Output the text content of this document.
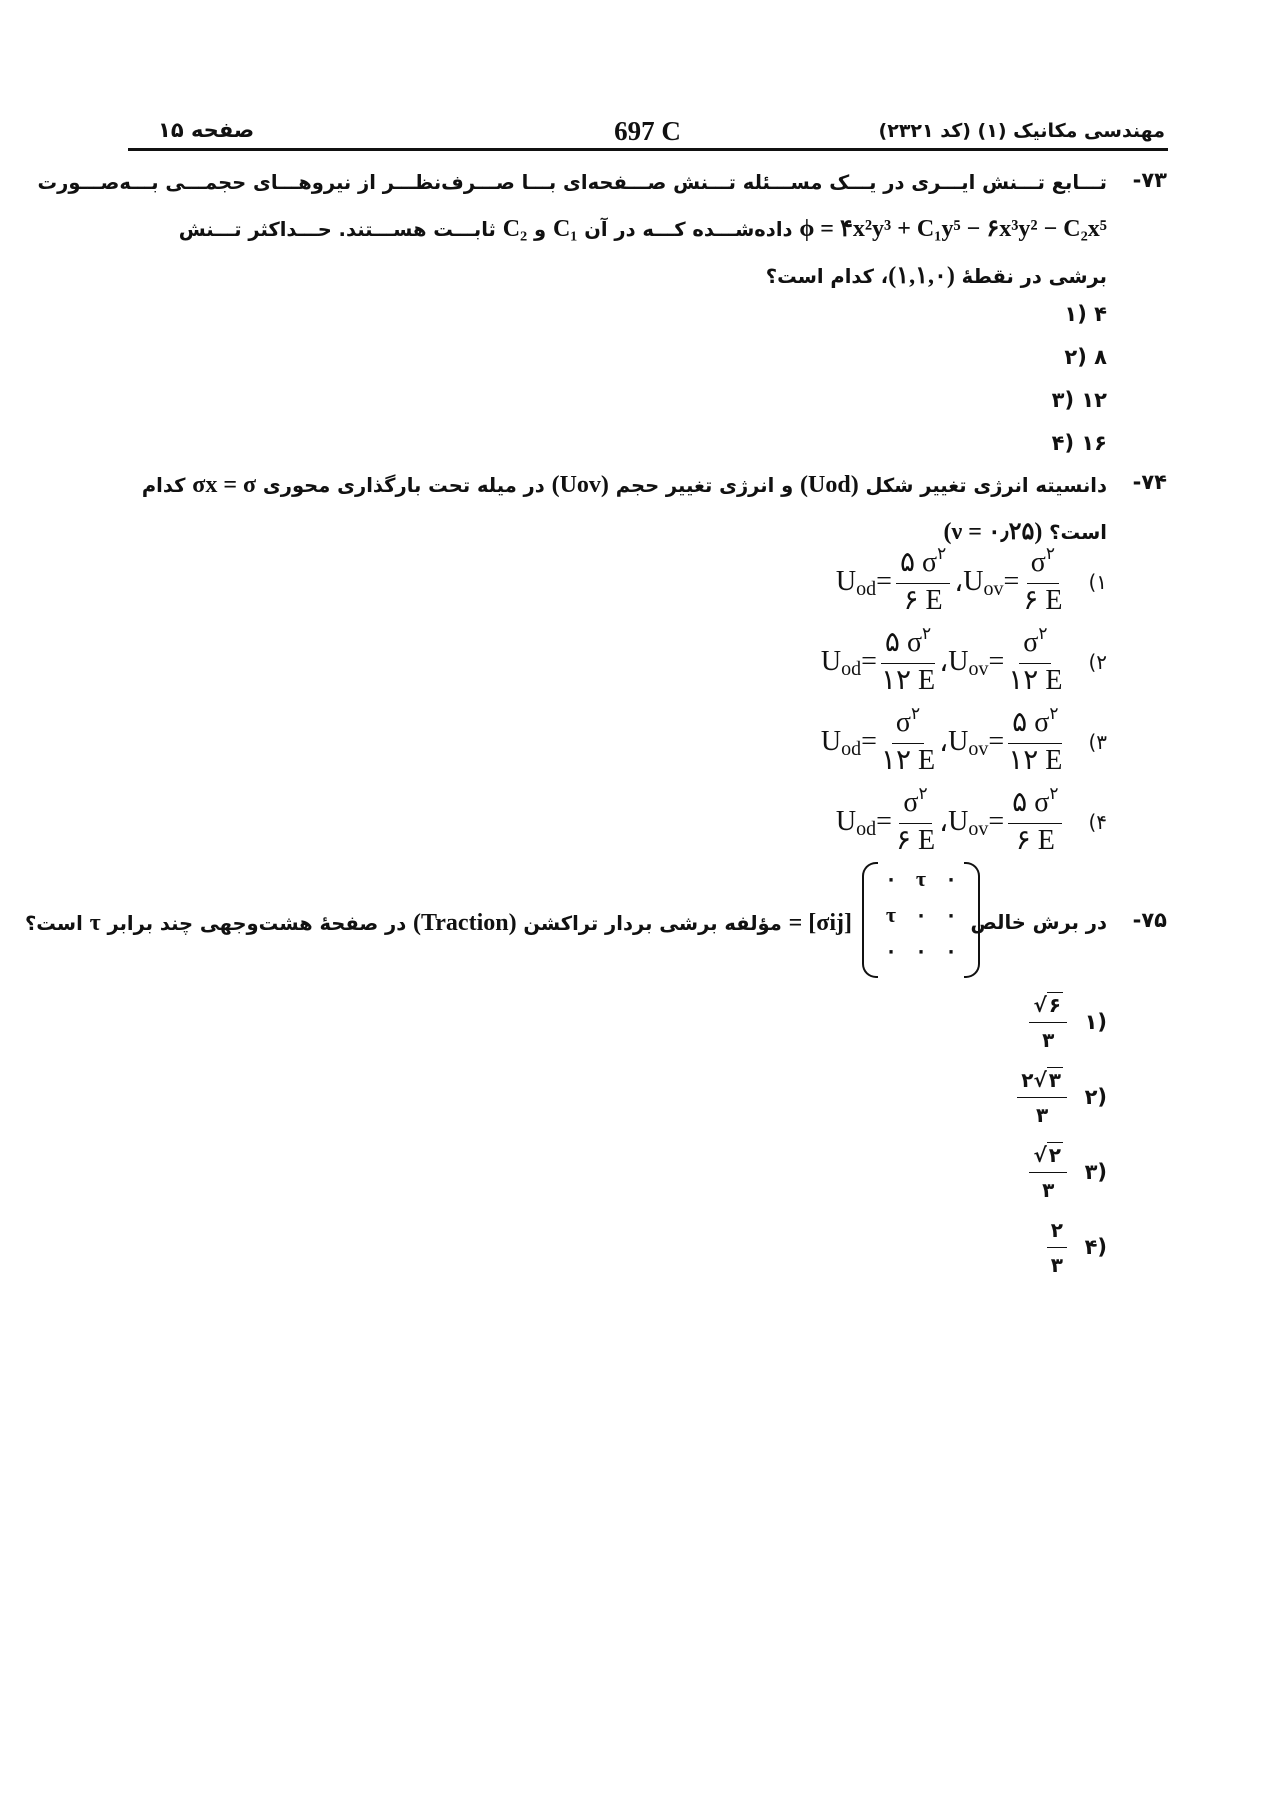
مهندسی مکانیک (۱) (کد ۲۳۲۱)
697 C
صفحه ۱۵
۷۳-
تـــابع تـــنش ایـــری در یـــک مســـئله تـــنش صـــفحه‌ای بـــا صـــرف‌نظـــر از نیروهـــای حجمـــی بـــه‌صـــورت
ϕ = ۴x²y³ + C₁y⁵ − ۶x³y² − C₂x⁵ داده‌شـــده کـــه در آن C₁ و C₂ ثابـــت هســـتند. حـــداکثر تـــنش
برشی در نقطهٔ (۱,۱,۰)، کدام است؟
۴ (۱
۸ (۲
۱۲ (۳
۱۶ (۴
۷۴-
دانسیته انرژی تغییر شکل (Uod) و انرژی تغییر حجم (Uov) در میله تحت بارگذاری محوری σx = σ کدام
است؟ (ν = ۰٫۲۵)
U od = $\frac{۵ \sigma^۲}{۶ E}$ ، U ov = $\frac{\sigma^۲}{۶ E}$ (۱
U od = $\frac{۵ \sigma^۲}{۱۲ E}$ ، U ov = $\frac{\sigma^۲}{۱۲ E}$ (۲
U od = $\frac{\sigma^۲}{۱۲ E}$ ، U ov = $\frac{۵ \sigma^۲}{۱۲ E}$ (۳
U od = $\frac{\sigma^۲}{۶ E}$ ، U ov = $\frac{۵ \sigma^۲}{۶ E}$ (۴
۷۵-
در برش خالص
۰ τ ۰
τ ۰ ۰
۰ ۰ ۰
= [σij] مؤلفه برشی بردار تراکشن (Traction) در صفحهٔ هشت‌وجهی چند برابر τ است؟
(۱
√ ۶
۳
(۲
۲√ ۳
۳
(۳
√ ۲
۳
(۴
۲
۳
